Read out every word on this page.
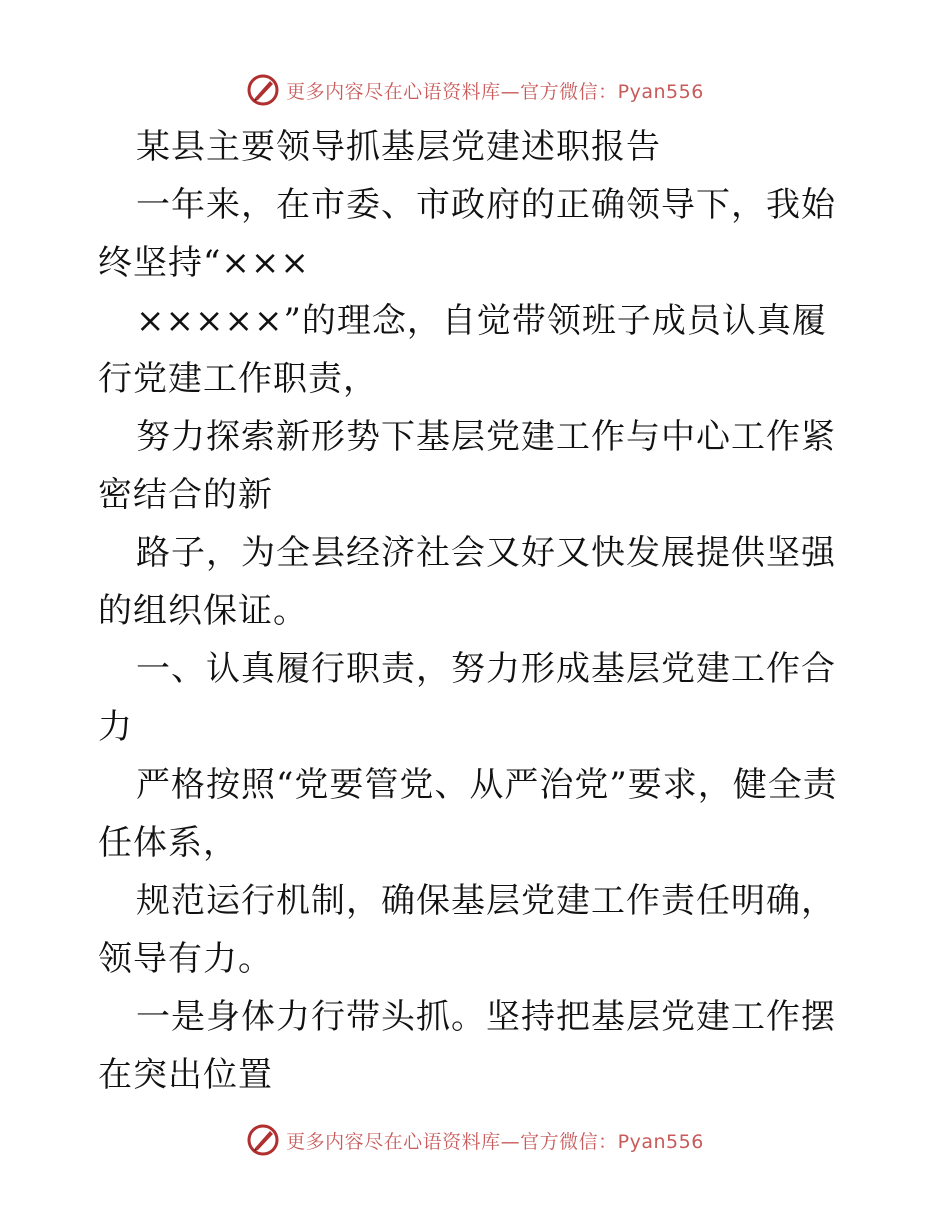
更多内容尽在心语资料库—官方微信：Pyan556

某县主要领导抓基层党建述职报告

一年来，在市委、市政府的正确领导下，我始终坚持“×××

×××××”的理念，自觉带领班子成员认真履行党建工作职责，

努力探索新形势下基层党建工作与中心工作紧密结合的新

路子，为全县经济社会又好又快发展提供坚强的组织保证。

一、认真履行职责，努力形成基层党建工作合力

严格按照“党要管党、从严治党”要求，健全责任体系，

规范运行机制，确保基层党建工作责任明确，领导有力。

一是身体力行带头抓。坚持把基层党建工作摆在突出位置

更多内容尽在心语资料库—官方微信：Pyan556
